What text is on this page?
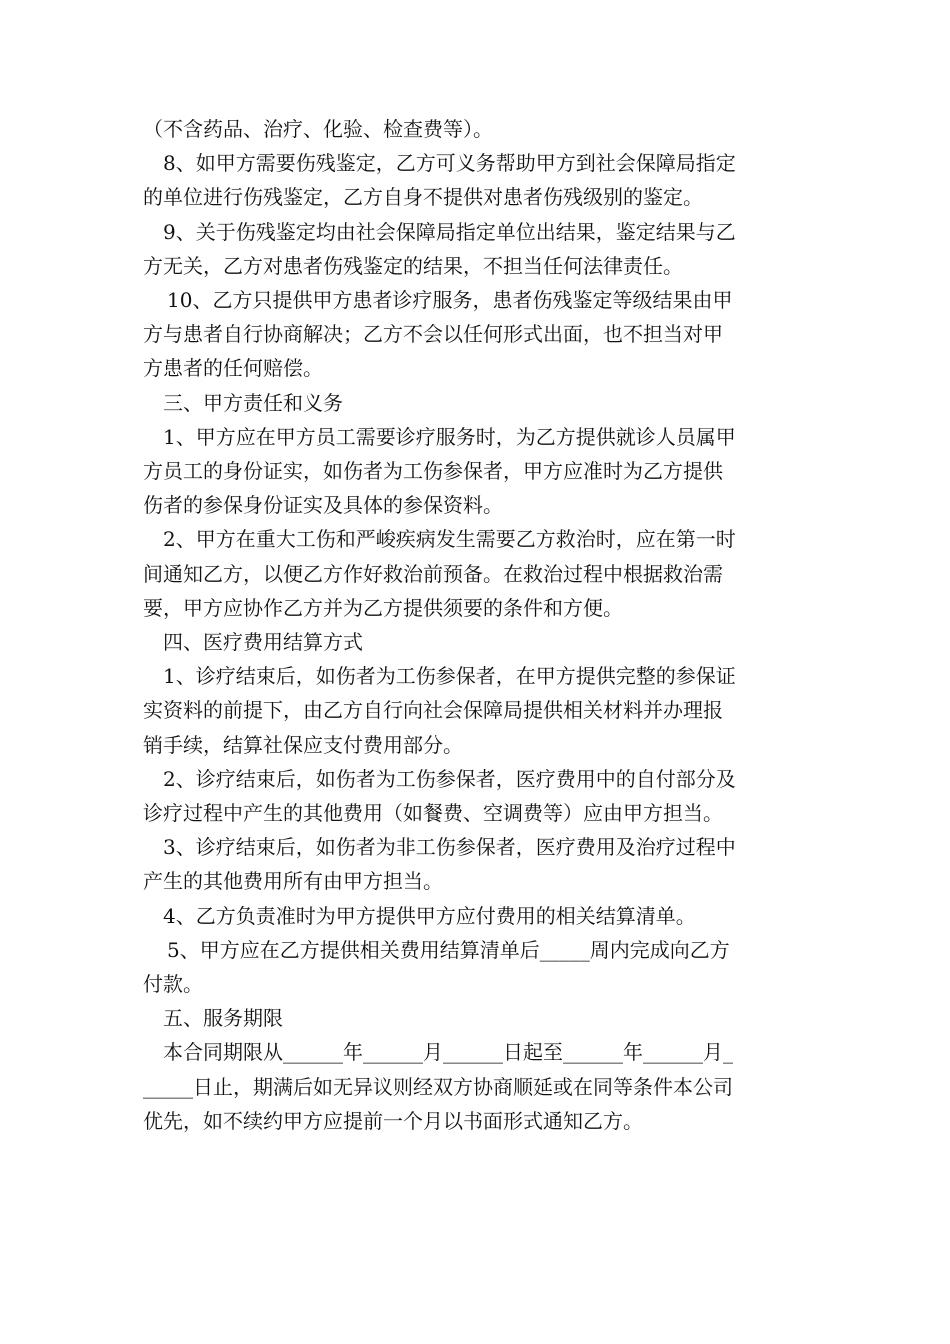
（不含药品、治疗、化验、检查费等）。

8、如甲方需要伤残鉴定，乙方可义务帮助甲方到社会保障局指定

的单位进行伤残鉴定，乙方自身不提供对患者伤残级别的鉴定。

9、关于伤残鉴定均由社会保障局指定单位出结果，鉴定结果与乙

方无关，乙方对患者伤残鉴定的结果，不担当任何法律责任。

10、乙方只提供甲方患者诊疗服务，患者伤残鉴定等级结果由甲

方与患者自行协商解决；乙方不会以任何形式出面，也不担当对甲

方患者的任何赔偿。

三、甲方责任和义务

1、甲方应在甲方员工需要诊疗服务时，为乙方提供就诊人员属甲

方员工的身份证实，如伤者为工伤参保者，甲方应准时为乙方提供

伤者的参保身份证实及具体的参保资料。

2、甲方在重大工伤和严峻疾病发生需要乙方救治时，应在第一时

间通知乙方，以便乙方作好救治前预备。在救治过程中根据救治需

要，甲方应协作乙方并为乙方提供须要的条件和方便。

四、医疗费用结算方式

1、诊疗结束后，如伤者为工伤参保者，在甲方提供完整的参保证

实资料的前提下，由乙方自行向社会保障局提供相关材料并办理报

销手续，结算社保应支付费用部分。

2、诊疗结束后，如伤者为工伤参保者，医疗费用中的自付部分及

诊疗过程中产生的其他费用（如餐费、空调费等）应由甲方担当。

3、诊疗结束后，如伤者为非工伤参保者，医疗费用及治疗过程中

产生的其他费用所有由甲方担当。

4、乙方负责准时为甲方提供甲方应付费用的相关结算清单。

5、甲方应在乙方提供相关费用结算清单后_____周内完成向乙方

付款。

五、服务期限

本合同期限从______年______月______日起至______年______月_

_____日止，期满后如无异议则经双方协商顺延或在同等条件本公司

优先，如不续约甲方应提前一个月以书面形式通知乙方。
